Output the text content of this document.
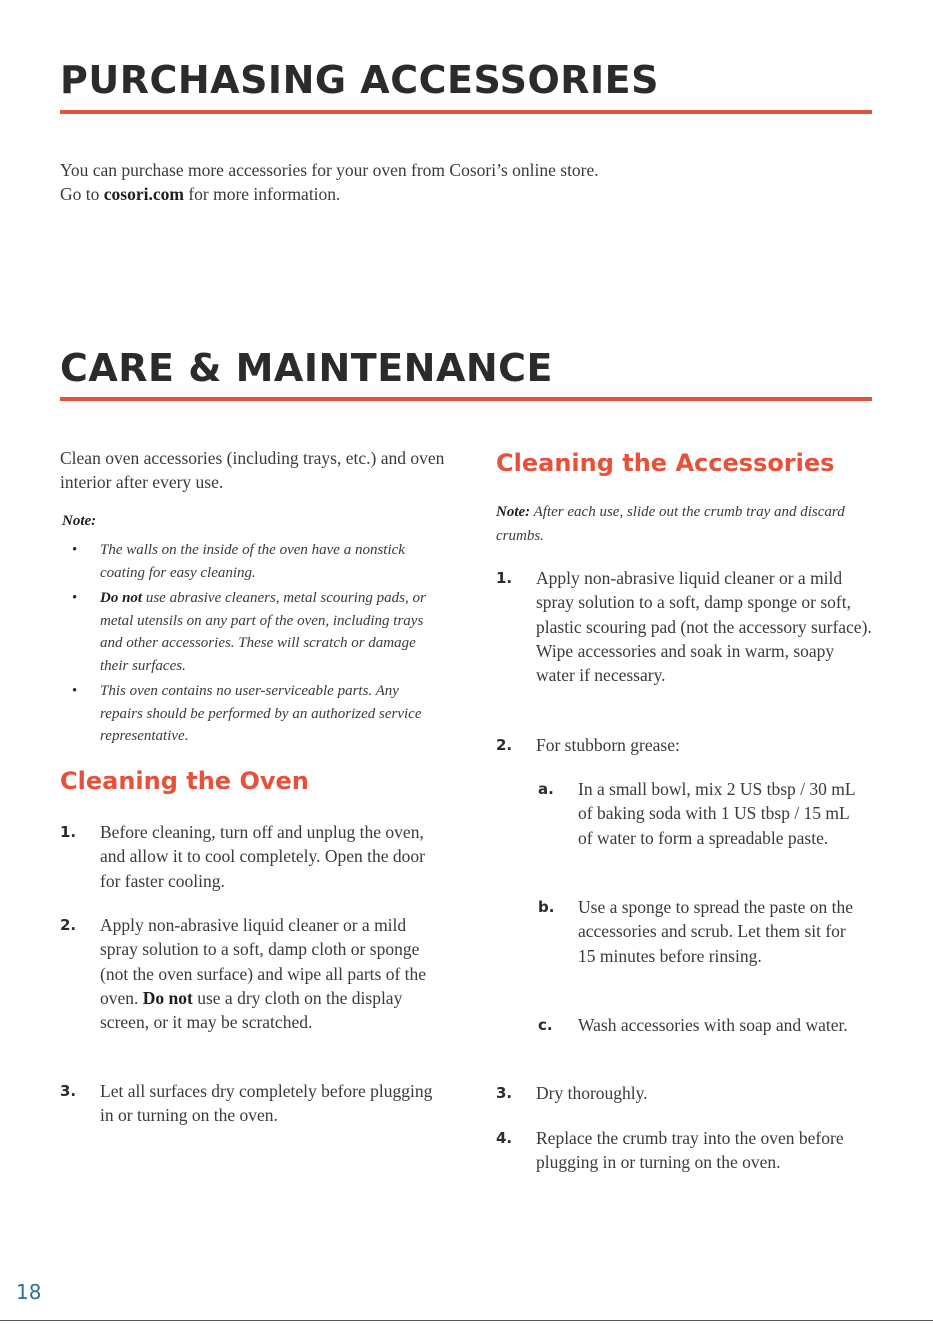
PURCHASING ACCESSORIES
You can purchase more accessories for your oven from Cosori’s online store.
Go to cosori.com for more information.
CARE & MAINTENANCE
Clean oven accessories (including trays, etc.) and oven interior after every use.
Note:
• The walls on the inside of the oven have a nonstick coating for easy cleaning.
• Do not use abrasive cleaners, metal scouring pads, or metal utensils on any part of the oven, including trays and other accessories. These will scratch or damage their surfaces.
• This oven contains no user-serviceable parts. Any repairs should be performed by an authorized service representative.
Cleaning the Oven
1. Before cleaning, turn off and unplug the oven, and allow it to cool completely. Open the door for faster cooling.
2. Apply non-abrasive liquid cleaner or a mild spray solution to a soft, damp cloth or sponge (not the oven surface) and wipe all parts of the oven. Do not use a dry cloth on the display screen, or it may be scratched.
3. Let all surfaces dry completely before plugging in or turning on the oven.
Cleaning the Accessories
Note: After each use, slide out the crumb tray and discard crumbs.
1. Apply non-abrasive liquid cleaner or a mild spray solution to a soft, damp sponge or soft, plastic scouring pad (not the accessory surface). Wipe accessories and soak in warm, soapy water if necessary.
2. For stubborn grease:
a. In a small bowl, mix 2 US tbsp / 30 mL of baking soda with 1 US tbsp / 15 mL of water to form a spreadable paste.
b. Use a sponge to spread the paste on the accessories and scrub. Let them sit for 15 minutes before rinsing.
c. Wash accessories with soap and water.
3. Dry thoroughly.
4. Replace the crumb tray into the oven before plugging in or turning on the oven.
18
